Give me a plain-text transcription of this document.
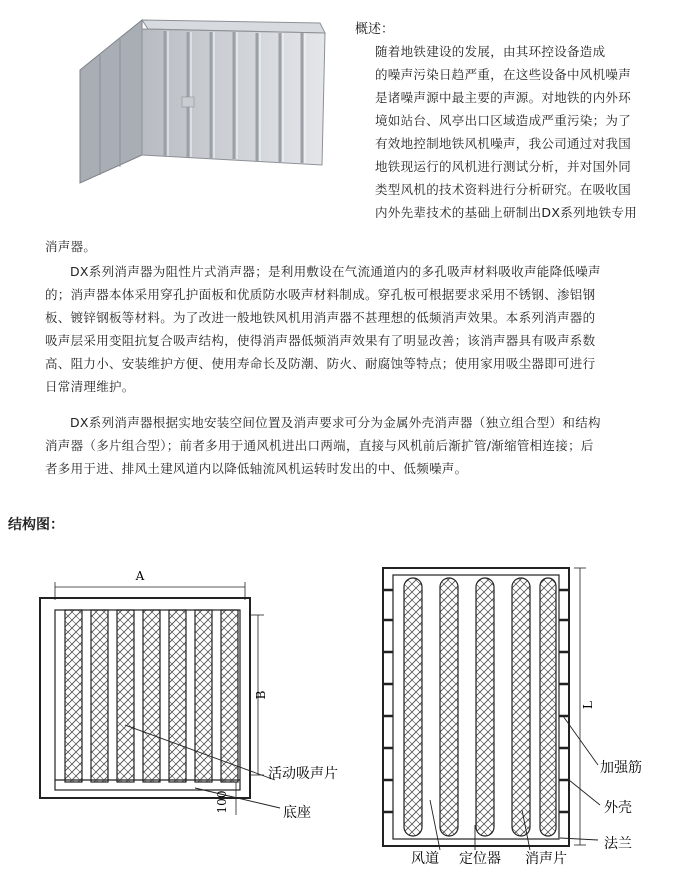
概述：
随着地铁建设的发展，由其环控设备造成
的噪声污染日趋严重，在这些设备中风机噪声
是诸噪声源中最主要的声源。对地铁的内外环
境如站台、风亭出口区域造成严重污染；为了
有效地控制地铁风机噪声，我公司通过对我国
地铁现运行的风机进行测试分析，并对国外同
类型风机的技术资料进行分析研究。在吸收国
内外先辈技术的基础上研制出DX系列地铁专用
消声器。
DX系列消声器为阻性片式消声器；是利用敷设在气流通道内的多孔吸声材料吸收声能降低噪声
的；消声器本体采用穿孔护面板和优质防水吸声材料制成。穿孔板可根据要求采用不锈钢、渗铝钢
板、镀锌钢板等材料。为了改进一般地铁风机用消声器不甚理想的低频消声效果。本系列消声器的
吸声层采用变阻抗复合吸声结构，使得消声器低频消声效果有了明显改善；该消声器具有吸声系数
高、阻力小、安装维护方便、使用寿命长及防潮、防火、耐腐蚀等特点；使用家用吸尘器即可进行
日常清理维护。
DX系列消声器根据实地安装空间位置及消声要求可分为金属外壳消声器（独立组合型）和结构
消声器（多片组合型）；前者多用于通风机进出口两端，直接与风机前后渐扩管/渐缩管相连接；后
者多用于进、排风土建风道内以降低轴流风机运转时发出的中、低频噪声。
结构图：
A
B
100
活动吸声片
底座
L
加强筋
外壳
法兰
风道 定位器 消声片
